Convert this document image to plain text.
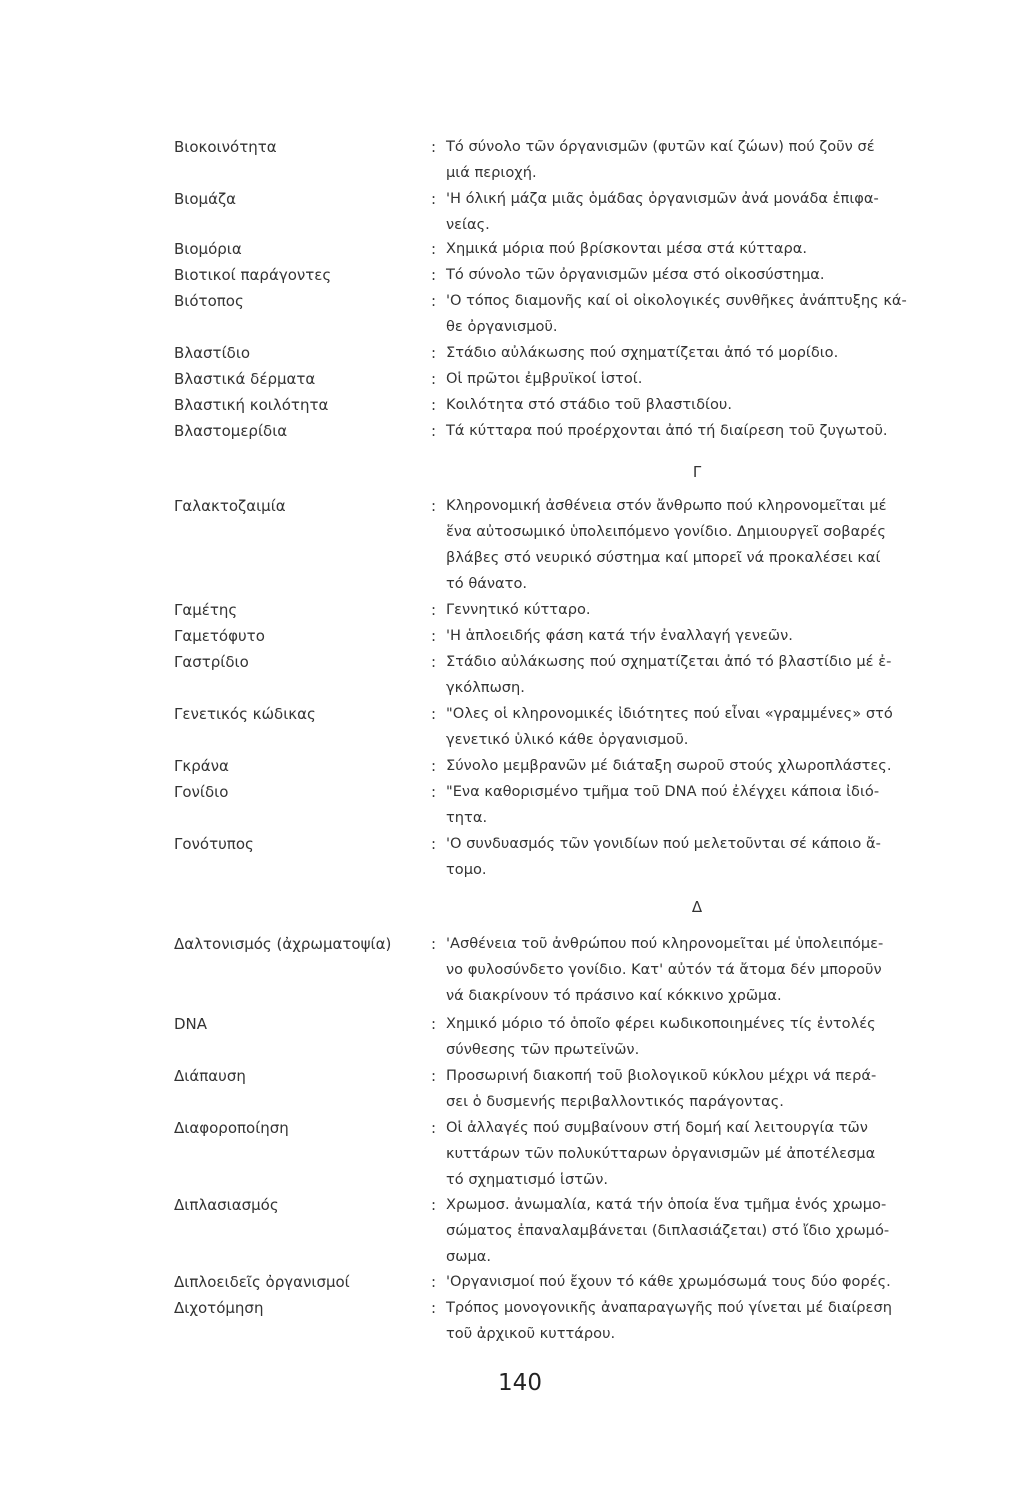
Βιοκοινότητα	: Τό σύνολο τῶν όργανισμῶν (φυτῶν καί ζώων) πού ζοῦν σέ
μιά περιοχή.
Βιομάζα	: 'Η όλική μάζα μιᾶς ὁμάδας ὀργανισμῶν ἀνά μονάδα ἐπιφα-
νείας.
Βιομόρια	: Χημικά μόρια πού βρίσκονται μέσα στά κύτταρα.
Βιοτικοί παράγοντες	: Τό σύνολο τῶν ὀργανισμῶν μέσα στό οἰκοσύστημα.
Βιότοπος	: 'Ο τόπος διαμονῆς καί οἱ οἰκολογικές συνθῆκες ἀνάπτυξης κά-
θε ὀργανισμοῦ.
Βλαστίδιο	: Στάδιο αὐλάκωσης πού σχηματίζεται ἀπό τό μορίδιο.
Βλαστικά δέρματα	: Οἱ πρῶτοι ἐμβρυϊκοί ἱστοί.
Βλαστική κοιλότητα	: Κοιλότητα στό στάδιο τοῦ βλαστιδίου.
Βλαστομερίδια	: Τά κύτταρα πού προέρχονται ἀπό τή διαίρεση τοῦ ζυγωτοῦ.
Γ
Γαλακτοζαιμία	: Κληρονομική ἀσθένεια στόν ἄνθρωπο πού κληρονομεῖται μέ
ἕνα αὐτοσωμικό ὑπολειπόμενο γονίδιο. Δημιουργεῖ σοβαρές
βλάβες στό νευρικό σύστημα καί μπορεῖ νά προκαλέσει καί
τό θάνατο.
Γαμέτης	: Γεννητικό κύτταρο.
Γαμετόφυτο	: 'Η ἁπλοειδής φάση κατά τήν ἐναλλαγή γενεῶν.
Γαστρίδιο	: Στάδιο αὐλάκωσης πού σχηματίζεται ἀπό τό βλαστίδιο μέ ἐ-
γκόλπωση.
Γενετικός κώδικας	: "Ολες οἱ κληρονομικές ἰδιότητες πού εἶναι «γραμμένες» στό
γενετικό ὑλικό κάθε ὀργανισμοῦ.
Γκράνα	: Σύνολο μεμβρανῶν μέ διάταξη σωροῦ στούς χλωροπλάστες.
Γονίδιο	: "Ενα καθορισμένο τμῆμα τοῦ DNA πού ἐλέγχει κάποια ἰδιό-
τητα.
Γονότυπος	: 'Ο συνδυασμός τῶν γονιδίων πού μελετοῦνται σέ κάποιο ἄ-
τομο.
Δ
Δαλτονισμός (ἀχρωματοψία)	: 'Ασθένεια τοῦ ἀνθρώπου πού κληρονομεῖται μέ ὑπολειπόμε-
νο φυλοσύνδετο γονίδιο. Κατ' αὐτόν τά ἄτομα δέν μποροῦν
νά διακρίνουν τό πράσινο καί κόκκινο χρῶμα.
DNA	: Χημικό μόριο τό ὁποῖο φέρει κωδικοποιημένες τίς ἐντολές
σύνθεσης τῶν πρωτεϊνῶν.
Διάπαυση	: Προσωρινή διακοπή τοῦ βιολογικοῦ κύκλου μέχρι νά περά-
σει ὁ δυσμενής περιβαλλοντικός παράγοντας.
Διαφοροποίηση	: Οἱ ἀλλαγές πού συμβαίνουν στή δομή καί λειτουργία τῶν
κυττάρων τῶν πολυκύτταρων ὀργανισμῶν μέ ἀποτέλεσμα
τό σχηματισμό ἱστῶν.
Διπλασιασμός	: Χρωμοσ. ἀνωμαλία, κατά τήν ὁποία ἕνα τμῆμα ἑνός χρωμο-
σώματος ἐπαναλαμβάνεται (διπλασιάζεται) στό ἴδιο χρωμό-
σωμα.
Διπλοειδεῖς ὀργανισμοί	: 'Οργανισμοί πού ἔχουν τό κάθε χρωμόσωμά τους δύο φορές.
Διχοτόμηση	: Τρόπος μονογονικῆς ἀναπαραγωγῆς πού γίνεται μέ διαίρεση
τοῦ ἀρχικοῦ κυττάρου.
140
